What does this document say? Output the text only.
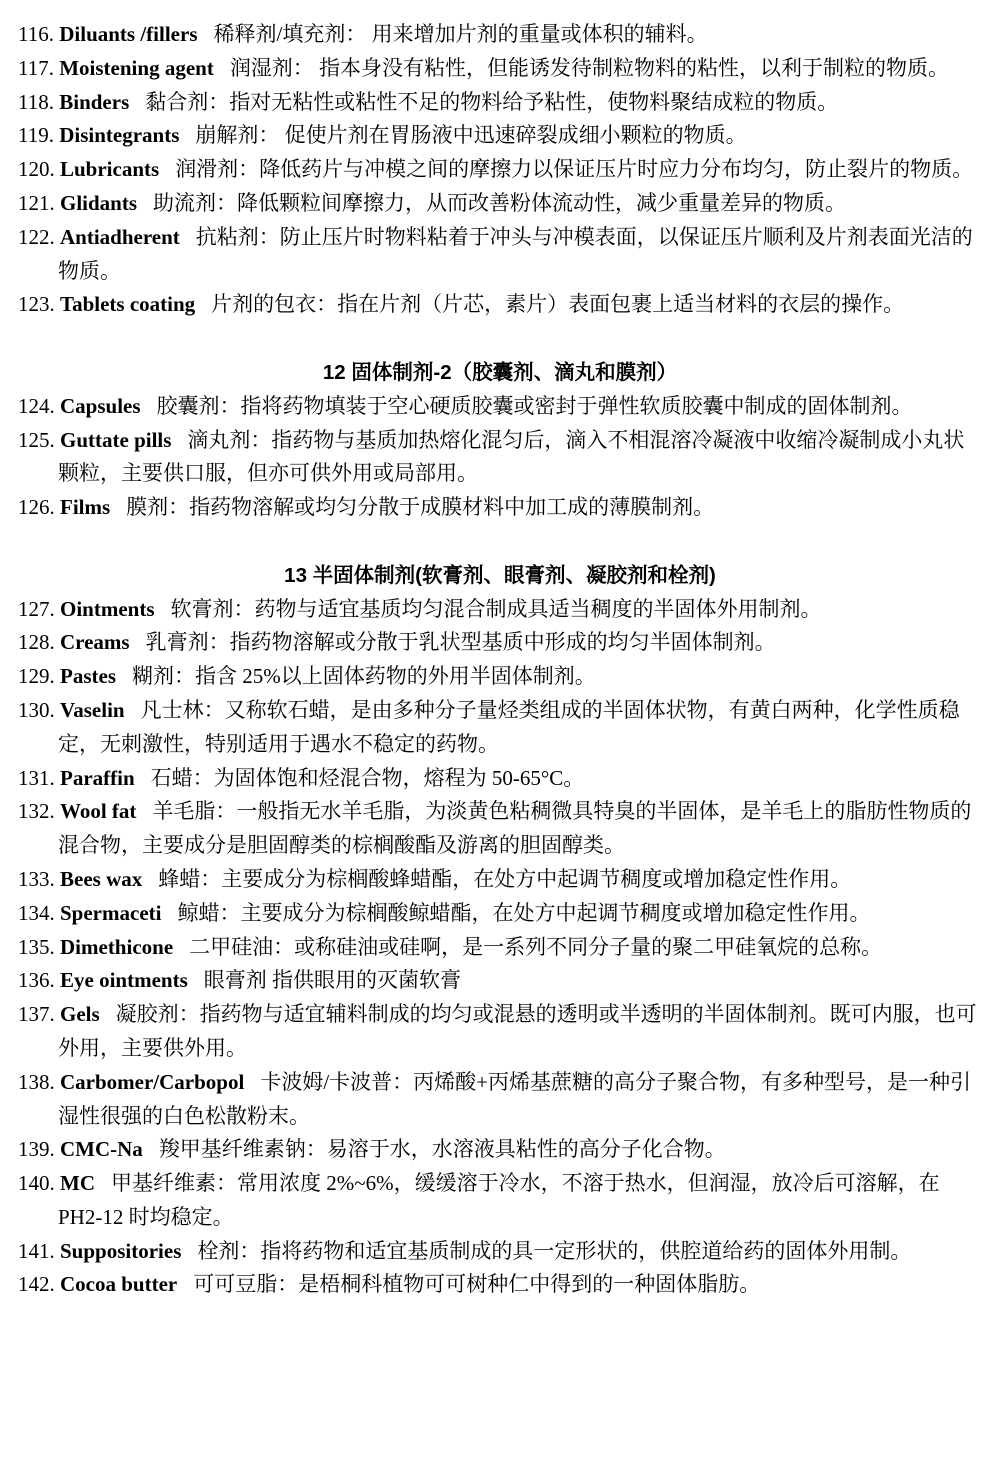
116. Diluants /fillers 稀释剂/填充剂： 用来增加片剂的重量或体积的辅料。

117. Moistening agent 润湿剂： 指本身没有粘性，但能诱发待制粒物料的粘性，以利于制粒的物质。

118. Binders 黏合剂：指对无粘性或粘性不足的物料给予粘性，使物料聚结成粒的物质。

119. Disintegrants 崩解剂： 促使片剂在胃肠液中迅速碎裂成细小颗粒的物质。

120. Lubricants 润滑剂：降低药片与冲模之间的摩擦力以保证压片时应力分布均匀，防止裂片的物质。

121. Glidants 助流剂：降低颗粒间摩擦力，从而改善粉体流动性，减少重量差异的物质。

122. Antiadherent 抗粘剂：防止压片时物料粘着于冲头与冲模表面，以保证压片顺利及片剂表面光洁的物质。

123. Tablets coating 片剂的包衣：指在片剂（片芯，素片）表面包裹上适当材料的衣层的操作。

12 固体制剂-2（胶囊剂、滴丸和膜剂）

124. Capsules 胶囊剂：指将药物填装于空心硬质胶囊或密封于弹性软质胶囊中制成的固体制剂。

125. Guttate pills 滴丸剂：指药物与基质加热熔化混匀后，滴入不相混溶冷凝液中收缩冷凝制成小丸状颗粒，主要供口服，但亦可供外用或局部用。

126. Films 膜剂：指药物溶解或均匀分散于成膜材料中加工成的薄膜制剂。

13 半固体制剂(软膏剂、眼膏剂、凝胶剂和栓剂)

127. Ointments 软膏剂：药物与适宜基质均匀混合制成具适当稠度的半固体外用制剂。

128. Creams 乳膏剂：指药物溶解或分散于乳状型基质中形成的均匀半固体制剂。

129. Pastes 糊剂：指含 25%以上固体药物的外用半固体制剂。

130. Vaselin 凡士林：又称软石蜡，是由多种分子量烃类组成的半固体状物，有黄白两种，化学性质稳定，无刺激性，特别适用于遇水不稳定的药物。

131. Paraffin 石蜡：为固体饱和烃混合物，熔程为 50-65°C。

132. Wool fat 羊毛脂：一般指无水羊毛脂，为淡黄色粘稠微具特臭的半固体，是羊毛上的脂肪性物质的混合物，主要成分是胆固醇类的棕榈酸酯及游离的胆固醇类。

133. Bees wax 蜂蜡：主要成分为棕榈酸蜂蜡酯，在处方中起调节稠度或增加稳定性作用。

134. Spermaceti 鲸蜡：主要成分为棕榈酸鲸蜡酯，在处方中起调节稠度或增加稳定性作用。

135. Dimethicone 二甲硅油：或称硅油或硅啊，是一系列不同分子量的聚二甲硅氧烷的总称。

136. Eye ointments 眼膏剂 指供眼用的灭菌软膏

137. Gels 凝胶剂：指药物与适宜辅料制成的均匀或混悬的透明或半透明的半固体制剂。既可内服，也可外用，主要供外用。

138. Carbomer/Carbopol 卡波姆/卡波普：丙烯酸+丙烯基蔗糖的高分子聚合物，有多种型号，是一种引湿性很强的白色松散粉末。

139. CMC-Na 羧甲基纤维素钠：易溶于水，水溶液具粘性的高分子化合物。

140. MC 甲基纤维素：常用浓度 2%~6%，缓缓溶于冷水，不溶于热水，但润湿，放冷后可溶解，在 PH2-12 时均稳定。

141. Suppositories 栓剂：指将药物和适宜基质制成的具一定形状的，供腔道给药的固体外用制。

142. Cocoa butter 可可豆脂：是梧桐科植物可可树种仁中得到的一种固体脂肪。
